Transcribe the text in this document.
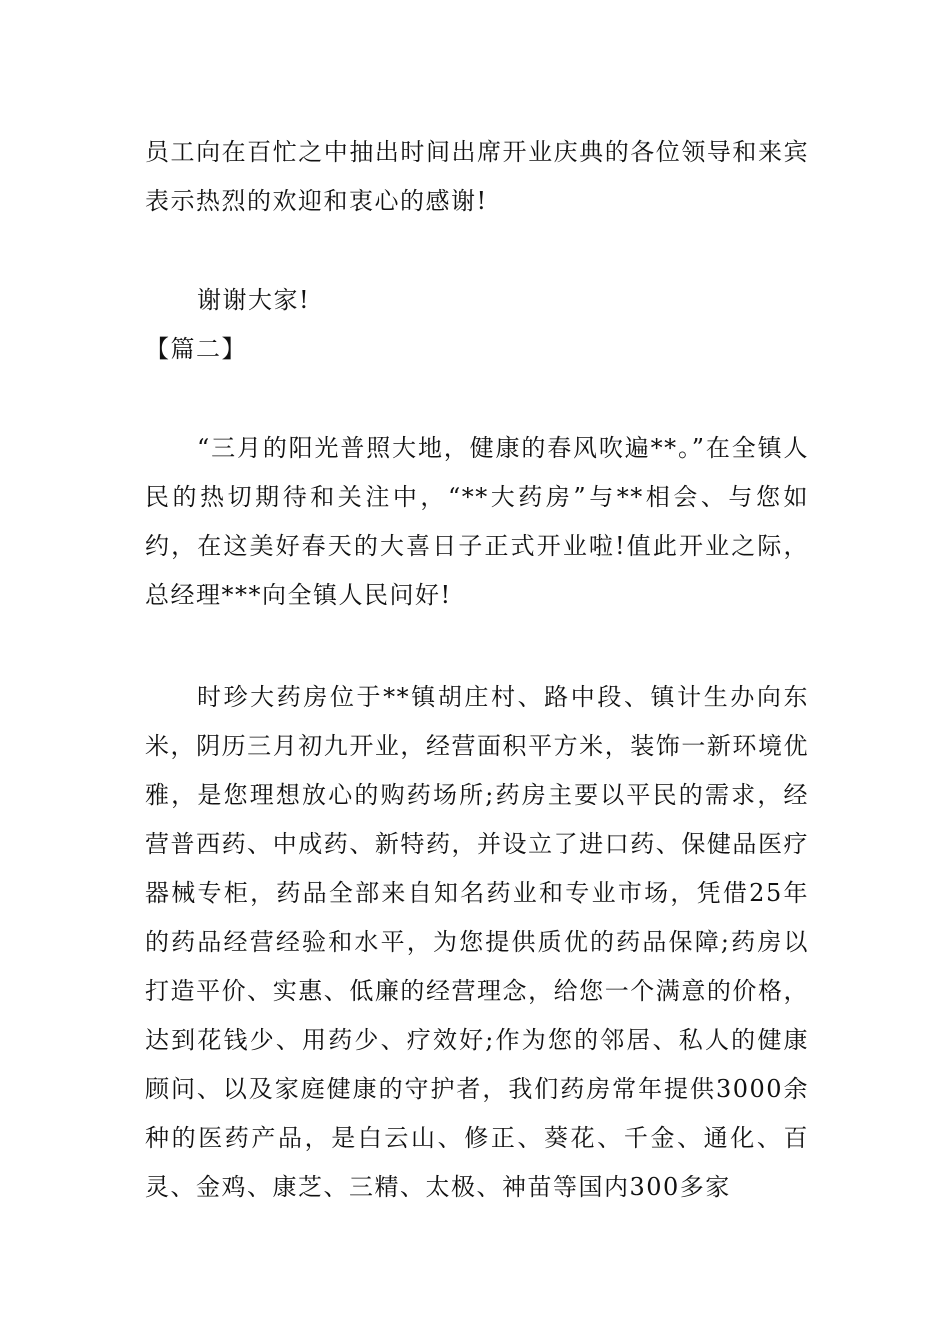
员工向在百忙之中抽出时间出席开业庆典的各位领导和来宾表示热烈的欢迎和衷心的感谢!

谢谢大家!

【篇二】

“三月的阳光普照大地，健康的春风吹遍**。”在全镇人民的热切期待和关注中，“**大药房”与**相会、与您如约，在这美好春天的大喜日子正式开业啦!值此开业之际，总经理***向全镇人民问好!

时珍大药房位于**镇胡庄村、路中段、镇计生办向东米，阴历三月初九开业，经营面积平方米，装饰一新环境优雅，是您理想放心的购药场所;药房主要以平民的需求，经营普西药、中成药、新特药，并设立了进口药、保健品医疗器械专柜，药品全部来自知名药业和专业市场，凭借25年的药品经营经验和水平，为您提供质优的药品保障;药房以打造平价、实惠、低廉的经营理念，给您一个满意的价格，达到花钱少、用药少、疗效好;作为您的邻居、私人的健康顾问、以及家庭健康的守护者，我们药房常年提供3000余种的医药产品，是白云山、修正、葵花、千金、通化、百灵、金鸡、康芝、三精、太极、神苗等国内300多家
